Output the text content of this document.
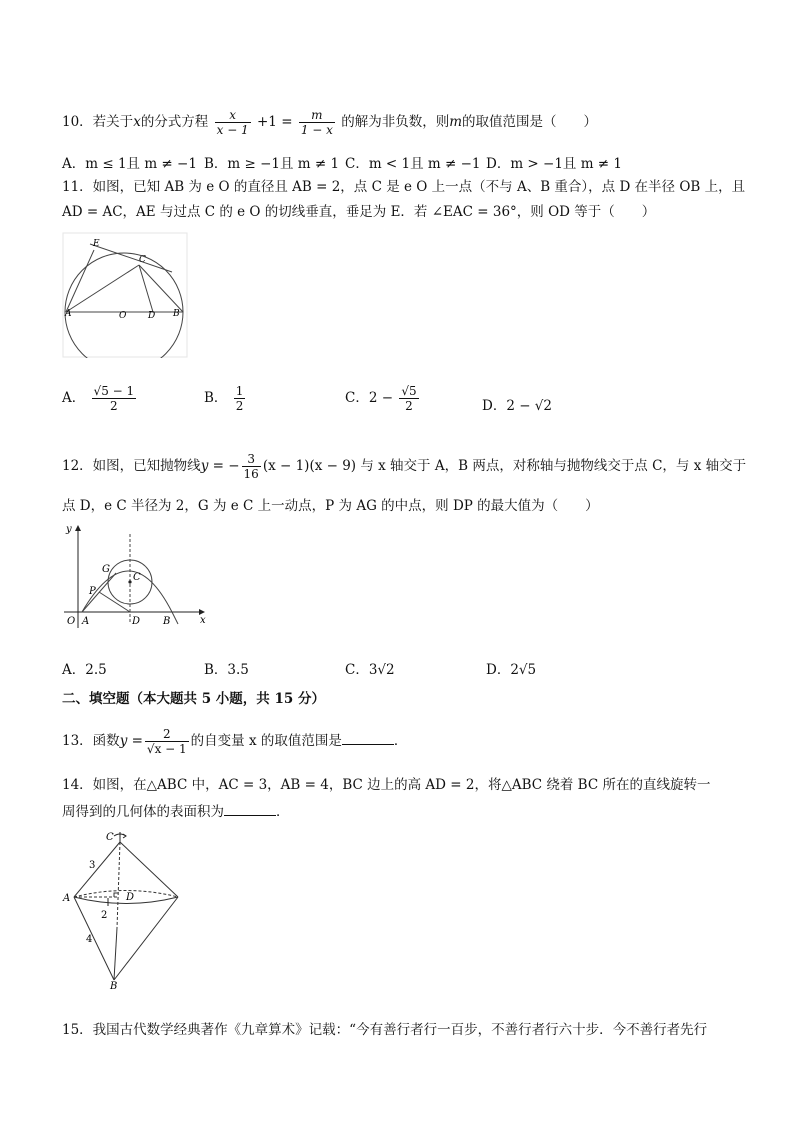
10．若关于x的分式方程 $\frac{x}{x - 1} +1 = \frac{m}{1 - x}$ 的解为非负数，则m的取值范围是（　　）
A．m ≤ 1且 m ≠ −1 B．m ≥ −1且 m ≠ 1 C．m < 1且 m ≠ −1 D．m > −1且 m ≠ 1
11．如图，已知 AB 为 e O 的直径且 AB = 2，点 C 是 e O 上一点（不与 A、B 重合），点 D 在半径 OB 上，且
AD = AC，AE 与过点 C 的 e O 的切线垂直，垂足为 E．若 ∠EAC = 36°，则 OD 等于（　　）
E
C
A	O D B
A． $\frac{√5 - 1}{2}$	B． $\frac{1}{2}$	C．$2 - \frac{√5}{2}$	D．2 − √2
12．如图，已知抛物线y = − $\frac{3}{16} (x - 1)(x - 9)$ 与 x 轴交于 A，B 两点，对称轴与抛物线交于点 C，与 x 轴交于
点 D，e C 半径为 2，G 为 e C 上一动点，P 为 AG 的中点，则 DP 的最大值为（　　）
y
x
O A	D B
C
G
P
A．2.5	B．3.5	C．3√2	D．2√5
二、填空题（本大题共 5 小题，共 15 分）
13．函数$y = \frac{2}{√x - 1}$ 的自变量 x 的取值范围是	．
14．如图，在△ABC 中，AC = 3，AB = 4，BC 边上的高 AD = 2，将△ABC 绕着 BC 所在的直线旋转一
周得到的几何体的表面积为	．
C
A	D
B
3
2
4
15．我国古代数学经典著作《九章算术》记载：“今有善行者行一百步，不善行者行六十步．今不善行者先行
